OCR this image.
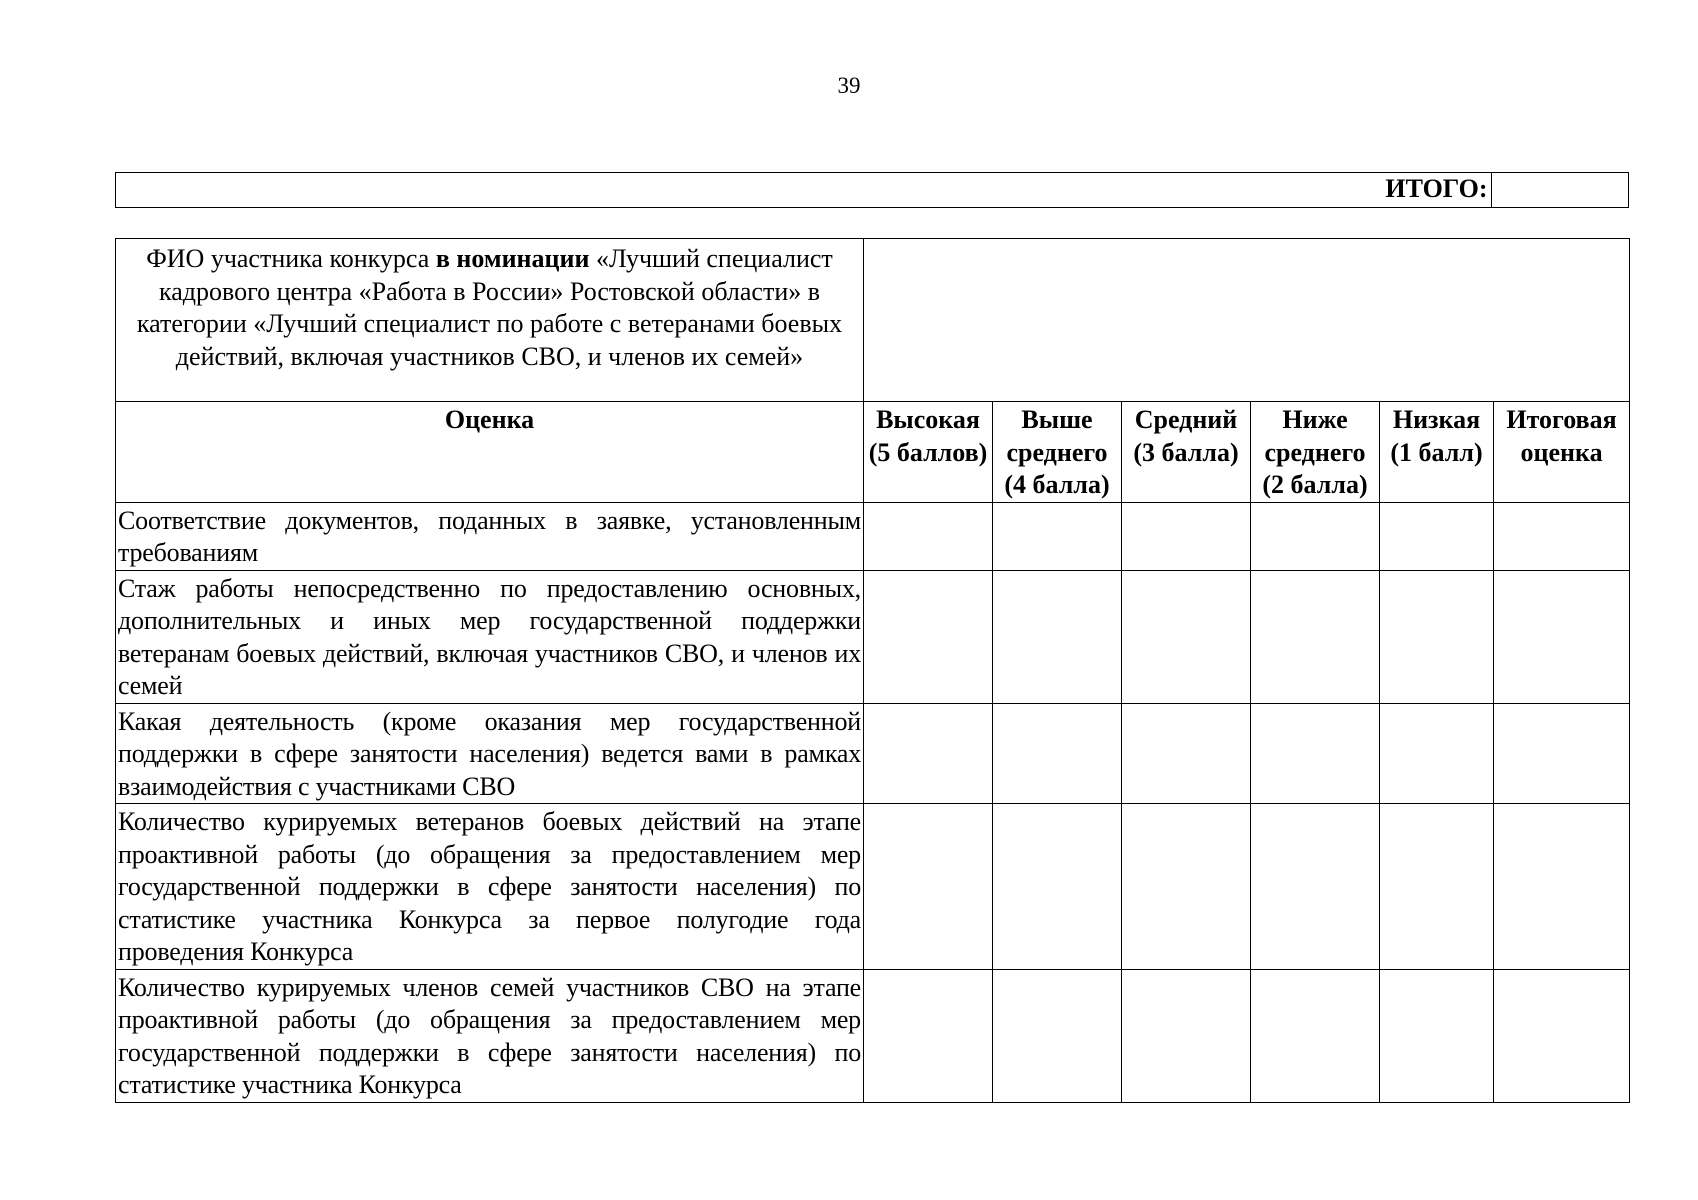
39
ИТОГО:	
ФИО участника конкурса в номинации «Лучший специалист кадрового центра «Работа в России» Ростовской области» в категории «Лучший специалист по работе с ветеранами боевых действий, включая участников СВО, и членов их семей»						
Оценка	Высокая (5 баллов)	Выше среднего (4 балла)	Средний (3 балла)	Ниже среднего (2 балла)	Низкая (1 балл)	Итоговая оценка
Соответствие документов, поданных в заявке, установленным требованиям						
Стаж работы непосредственно по предоставлению основных, дополнительных и иных мер государственной поддержки ветеранам боевых действий, включая участников СВО, и членов их семей						
Какая деятельность (кроме оказания мер государственной поддержки в сфере занятости населения) ведется вами в рамках взаимодействия с участниками СВО						
Количество курируемых ветеранов боевых действий на этапе проактивной работы (до обращения за предоставлением мер государственной поддержки в сфере занятости населения) по статистике участника Конкурса за первое полугодие года проведения Конкурса						
Количество курируемых членов семей участников СВО на этапе проактивной работы (до обращения за предоставлением мер государственной поддержки в сфере занятости населения) по статистике участника Конкурса						
